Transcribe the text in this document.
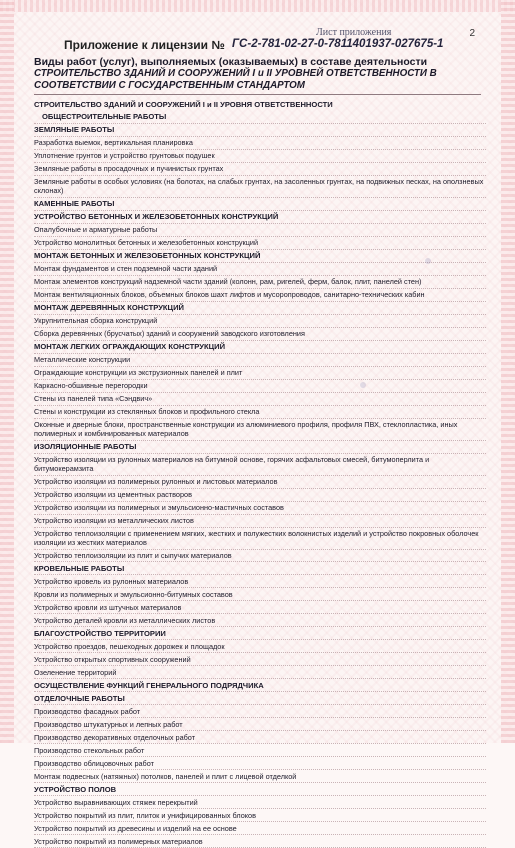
2
Лист приложения
Приложение к лицензии № ГС-2-781-02-27-0-7811401937-027675-1
Виды работ (услуг), выполняемых (оказываемых) в составе деятельности
СТРОИТЕЛЬСТВО ЗДАНИЙ И СООРУЖЕНИЙ I и II УРОВНЕЙ ОТВЕТСТВЕННОСТИ В
СООТВЕТСТВИИ С ГОСУДАРСТВЕННЫМ СТАНДАРТОМ
СТРОИТЕЛЬСТВО ЗДАНИЙ И СООРУЖЕНИЙ I и II УРОВНЯ ОТВЕТСТВЕННОСТИ
ОБЩЕСТРОИТЕЛЬНЫЕ РАБОТЫ
ЗЕМЛЯНЫЕ РАБОТЫ
Разработка выемок, вертикальная планировка
Уплотнение грунтов и устройство грунтовых подушек
Земляные работы в просадочных и пучинистых грунтах
Земляные работы в особых условиях (на болотах, на слабых грунтах, на засоленных грунтах, на подвижных песках, на оползневых склонах)
КАМЕННЫЕ РАБОТЫ
УСТРОЙСТВО БЕТОННЫХ И ЖЕЛЕЗОБЕТОННЫХ КОНСТРУКЦИЙ
Опалубочные и арматурные работы
Устройство монолитных бетонных и железобетонных конструкций
МОНТАЖ БЕТОННЫХ И ЖЕЛЕЗОБЕТОННЫХ КОНСТРУКЦИЙ
Монтаж фундаментов и стен подземной части зданий
Монтаж элементов конструкций надземной части зданий (колонн, рам, ригелей, ферм, балок, плит, панелей стен)
Монтаж вентиляционных блоков, объемных блоков шахт лифтов и мусоропроводов, санитарно-технических кабин
МОНТАЖ ДЕРЕВЯННЫХ КОНСТРУКЦИЙ
Укрупнительная сборка конструкций
Сборка деревянных (брусчатых) зданий и сооружений заводского изготовления
МОНТАЖ ЛЕГКИХ ОГРАЖДАЮЩИХ КОНСТРУКЦИЙ
Металлические конструкции
Ограждающие конструкции из экструзионных панелей и плит
Каркасно-обшивные перегородки
Стены из панелей типа «Сэндвич»
Стены и конструкции из стеклянных блоков и профильного стекла
Оконные и дверные блоки, пространственные конструкции из алюминиевого профиля, профиля ПВХ, стеклопластика, иных полимерных и комбинированных материалов
ИЗОЛЯЦИОННЫЕ РАБОТЫ
Устройство изоляции из рулонных материалов на битумной основе, горячих асфальтовых смесей, битумоперлита и битумокерамзита
Устройство изоляции из полимерных рулонных и листовых материалов
Устройство изоляции из цементных растворов
Устройство изоляции из полимерных и эмульсионно-мастичных составов
Устройство изоляции из металлических листов
Устройство теплоизоляции с применением мягких, жестких и полужестких волокнистых изделий и устройство покровных оболочек изоляции из жестких материалов
Устройство теплоизоляции из плит и сыпучих материалов
КРОВЕЛЬНЫЕ РАБОТЫ
Устройство кровель из рулонных материалов
Кровли из полимерных и эмульсионно-битумных составов
Устройство кровли из штучных материалов
Устройство деталей кровли из металлических листов
БЛАГОУСТРОЙСТВО ТЕРРИТОРИИ
Устройство проездов, пешеходных дорожек и площадок
Устройство открытых спортивных сооружений
Озеленение территорий
ОСУЩЕСТВЛЕНИЕ ФУНКЦИЙ ГЕНЕРАЛЬНОГО ПОДРЯДЧИКА
ОТДЕЛОЧНЫЕ РАБОТЫ
Производство фасадных работ
Производство штукатурных и лепных работ
Производство декоративных отделочных работ
Производство стекольных работ
Производство облицовочных работ
Монтаж подвесных (натяжных) потолков, панелей и плит с лицевой отделкой
УСТРОЙСТВО ПОЛОВ
Устройство выравнивающих стяжек перекрытий
Устройство покрытий из плит, плиток и унифицированных блоков
Устройство покрытий из древесины и изделий на ее основе
Устройство покрытий из полимерных материалов
